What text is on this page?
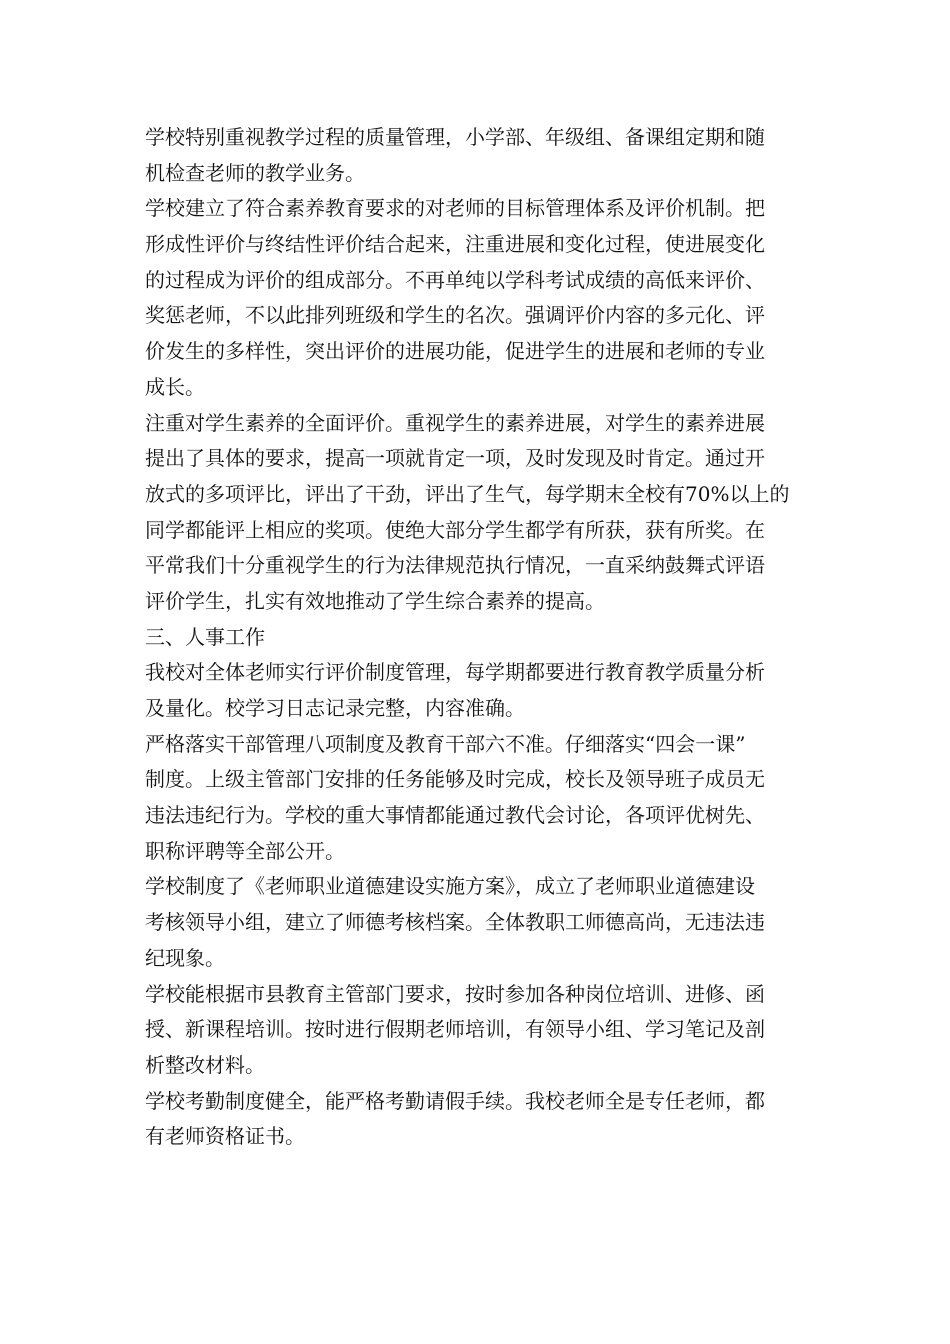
学校特别重视教学过程的质量管理，小学部、年级组、备课组定期和随
机检查老师的教学业务。
学校建立了符合素养教育要求的对老师的目标管理体系及评价机制。把
形成性评价与终结性评价结合起来，注重进展和变化过程，使进展变化
的过程成为评价的组成部分。不再单纯以学科考试成绩的高低来评价、
奖惩老师，不以此排列班级和学生的名次。强调评价内容的多元化、评
价发生的多样性，突出评价的进展功能，促进学生的进展和老师的专业
成长。
注重对学生素养的全面评价。重视学生的素养进展，对学生的素养进展
提出了具体的要求，提高一项就肯定一项，及时发现及时肯定。通过开
放式的多项评比，评出了干劲，评出了生气，每学期末全校有70%以上的
同学都能评上相应的奖项。使绝大部分学生都学有所获，获有所奖。在
平常我们十分重视学生的行为法律规范执行情况，一直采纳鼓舞式评语
评价学生，扎实有效地推动了学生综合素养的提高。
三、人事工作
我校对全体老师实行评价制度管理，每学期都要进行教育教学质量分析
及量化。校学习日志记录完整，内容准确。
严格落实干部管理八项制度及教育干部六不准。仔细落实“四会一课”
制度。上级主管部门安排的任务能够及时完成，校长及领导班子成员无
违法违纪行为。学校的重大事情都能通过教代会讨论，各项评优树先、
职称评聘等全部公开。
学校制度了《老师职业道德建设实施方案》，成立了老师职业道德建设
考核领导小组，建立了师德考核档案。全体教职工师德高尚，无违法违
纪现象。
学校能根据市县教育主管部门要求，按时参加各种岗位培训、进修、函
授、新课程培训。按时进行假期老师培训，有领导小组、学习笔记及剖
析整改材料。
学校考勤制度健全，能严格考勤请假手续。我校老师全是专任老师，都
有老师资格证书。
